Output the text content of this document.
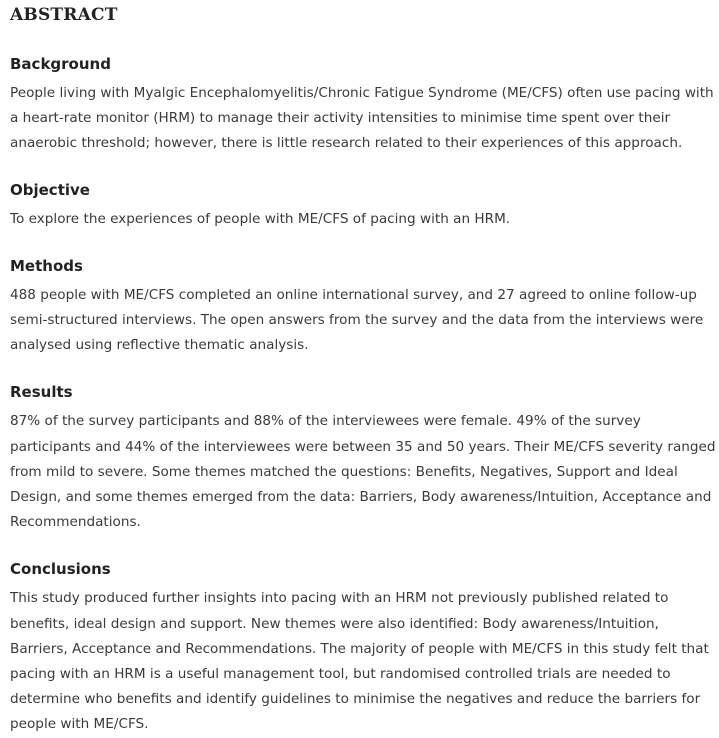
ABSTRACT
Background

People living with Myalgic Encephalomyelitis/Chronic Fatigue Syndrome (ME/CFS) often use pacing with a heart-rate monitor (HRM) to manage their activity intensities to minimise time spent over their anaerobic threshold; however, there is little research related to their experiences of this approach.

Objective

To explore the experiences of people with ME/CFS of pacing with an HRM.

Methods

488 people with ME/CFS completed an online international survey, and 27 agreed to online follow-up semi-structured interviews. The open answers from the survey and the data from the interviews were analysed using reflective thematic analysis.

Results

87% of the survey participants and 88% of the interviewees were female. 49% of the survey participants and 44% of the interviewees were between 35 and 50 years. Their ME/CFS severity ranged from mild to severe. Some themes matched the questions: Benefits, Negatives, Support and Ideal Design, and some themes emerged from the data: Barriers, Body awareness/Intuition, Acceptance and Recommendations.

Conclusions

This study produced further insights into pacing with an HRM not previously published related to benefits, ideal design and support. New themes were also identified: Body awareness/Intuition, Barriers, Acceptance and Recommendations. The majority of people with ME/CFS in this study felt that pacing with an HRM is a useful management tool, but randomised controlled trials are needed to determine who benefits and identify guidelines to minimise the negatives and reduce the barriers for people with ME/CFS.
